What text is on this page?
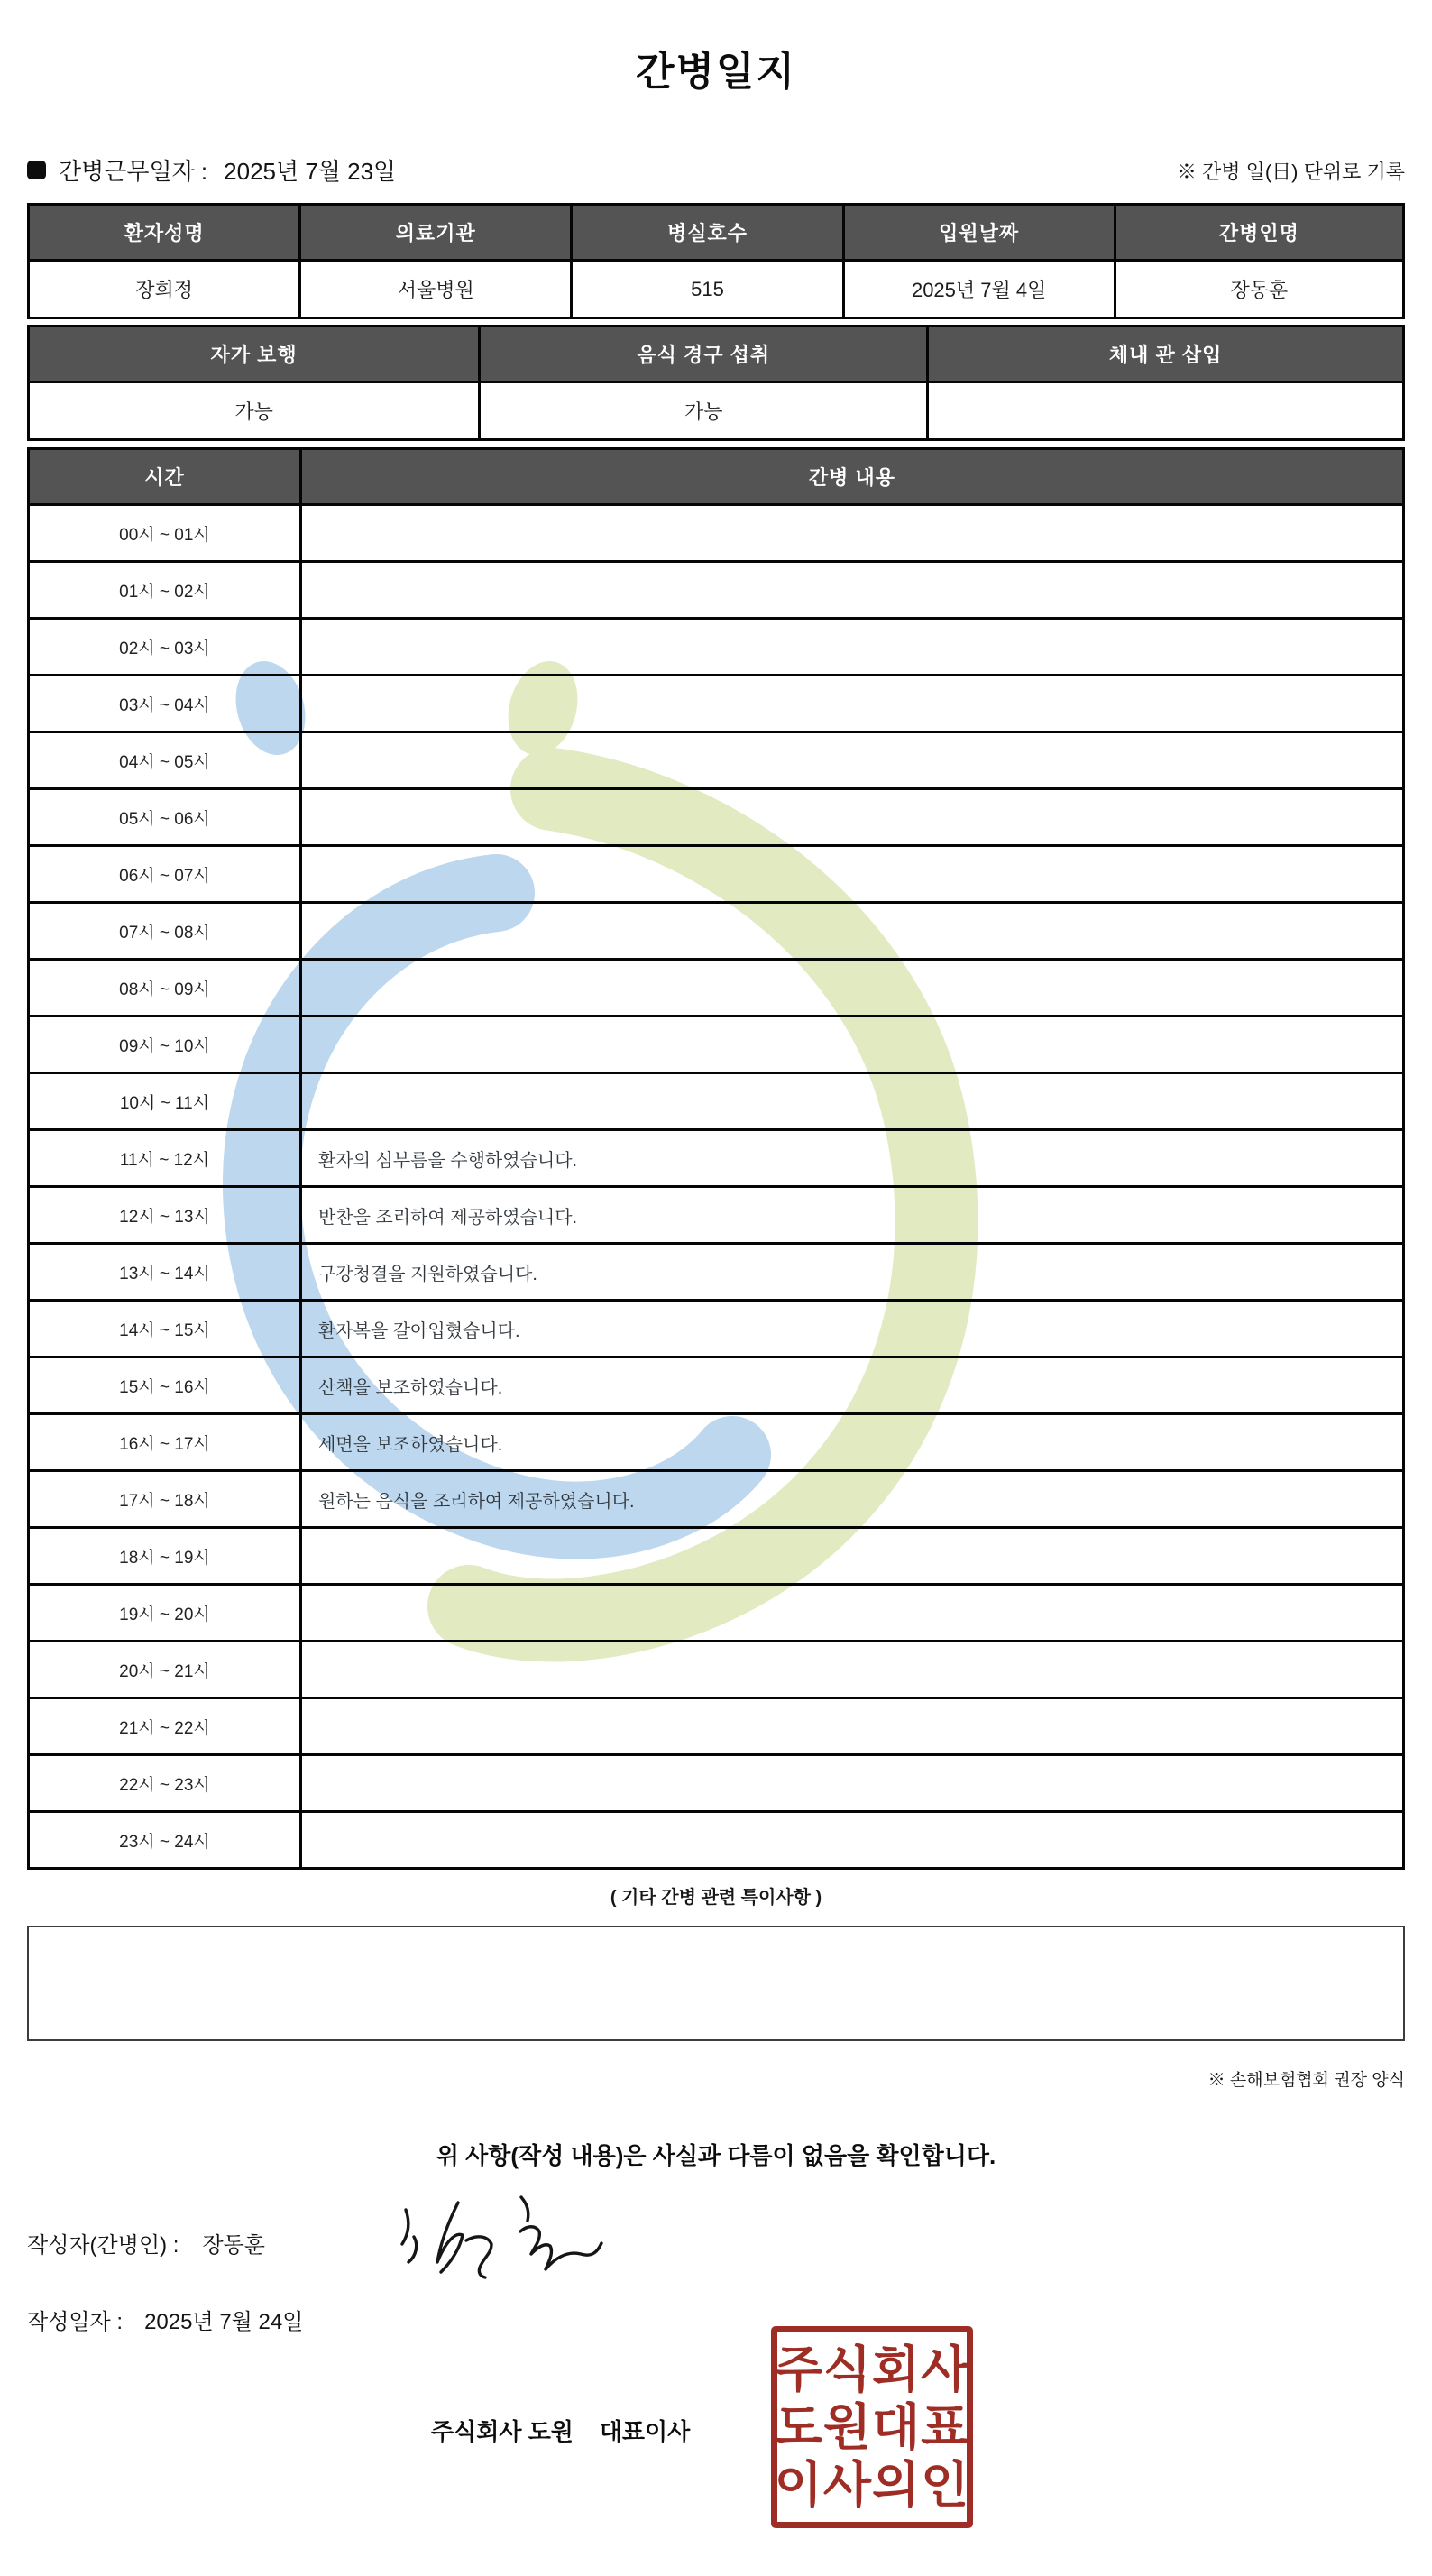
간병일지
간병근무일자 : 2025년 7월 23일	※ 간병 일(日) 단위로 기록
환자성명	의료기관	병실호수	입원날짜	간병인명
장희정	서울병원	515	2025년 7월 4일	장동훈
자가 보행	음식 경구 섭취	체내 관 삽입
가능	가능	
시간	간병 내용
00시 ~ 01시	
01시 ~ 02시	
02시 ~ 03시	
03시 ~ 04시	
04시 ~ 05시	
05시 ~ 06시	
06시 ~ 07시	
07시 ~ 08시	
08시 ~ 09시	
09시 ~ 10시	
10시 ~ 11시	
11시 ~ 12시	환자의 심부름을 수행하였습니다.
12시 ~ 13시	반찬을 조리하여 제공하였습니다.
13시 ~ 14시	구강청결을 지원하였습니다.
14시 ~ 15시	환자복을 갈아입혔습니다.
15시 ~ 16시	산책을 보조하였습니다.
16시 ~ 17시	세면을 보조하였습니다.
17시 ~ 18시	원하는 음식을 조리하여 제공하였습니다.
18시 ~ 19시	
19시 ~ 20시	
20시 ~ 21시	
21시 ~ 22시	
22시 ~ 23시	
23시 ~ 24시	
( 기타 간병 관련 특이사항 )
※ 손해보험협회 권장 양식
위 사항(작성 내용)은 사실과 다름이 없음을 확인합니다.
작성자(간병인) : 장동훈
작성일자 : 2025년 7월 24일
주식회사 도원    대표이사
주식회사
도원대표
이사의인
